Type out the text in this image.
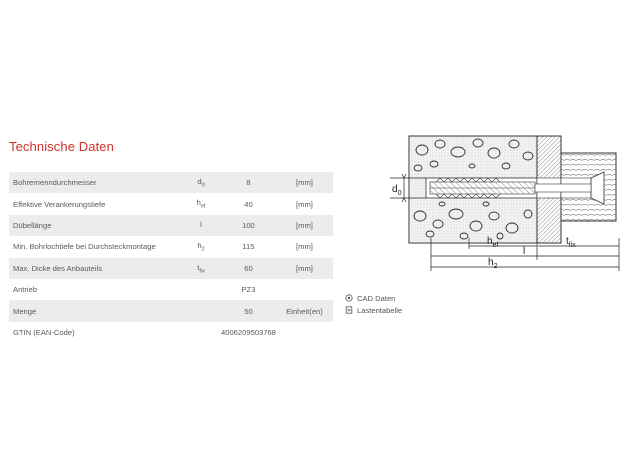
Technische Daten
Bohrernenndurchmesser	$d_0$	8	[mm]
Effektive Verankerungstiefe	$h_{ef}$	40	[mm]
Dübellänge	l	100	[mm]
Min. Bohrlochtiefe bei Durchsteckmontage	$h_2$	115	[mm]
Max. Dicke des Anbauteils	$t_{fix}$	60	[mm]
Antrieb		PZ3	
Menge		50	Einheit(en)
GTIN (EAN-Code)		4006209503768	
CAD Daten
Lastentabelle
$d_0$
$h_{ef}$	$t_{fix}$
l
$h_2$
